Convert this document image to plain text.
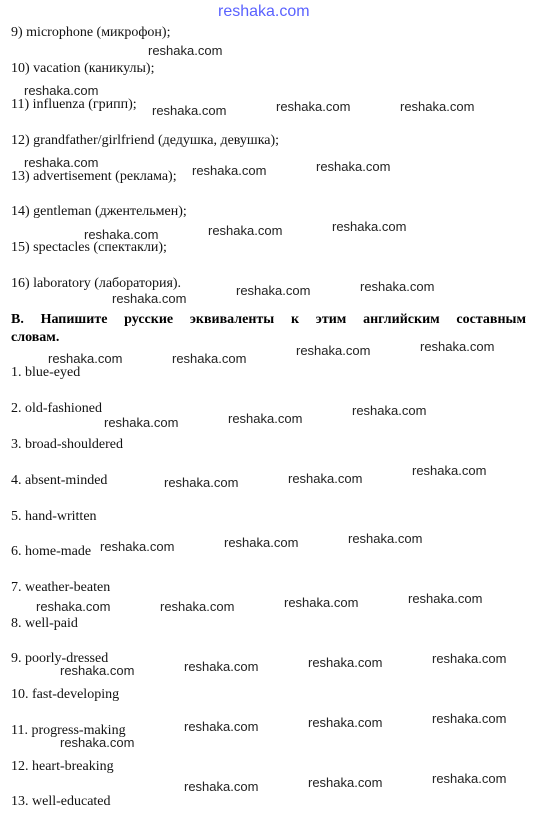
reshaka.com
9) microphone (микрофон);
10) vacation (каникулы);
11) influenza (грипп);
12) grandfather/girlfriend (дедушка, девушка);
13) advertisement (реклама);
14) gentleman (джентельмен);
15) spectacles (спектакли);
16) laboratory (лаборатория).
B. Напишите русские эквиваленты к этим английским составным словам.
1. blue-eyed
2. old-fashioned
3. broad-shouldered
4. absent-minded
5. hand-written
6. home-made
7. weather-beaten
8. well-paid
9. poorly-dressed
10. fast-developing
11. progress-making
12. heart-breaking
13. well-educated
reshaka.com
reshaka.com
reshaka.com	reshaka.com	reshaka.com
reshaka.com
reshaka.com	reshaka.com
reshaka.com	reshaka.com	reshaka.com
reshaka.com
reshaka.com	reshaka.com
reshaka.com	reshaka.com
reshaka.com	reshaka.com
reshaka.com	reshaka.com
reshaka.com
reshaka.com	reshaka.com
reshaka.com
reshaka.com	reshaka.com	reshaka.com
reshaka.com	reshaka.com	reshaka.com	reshaka.com
reshaka.com	reshaka.com	reshaka.com	reshaka.com
reshaka.com	reshaka.com	reshaka.com
reshaka.com
reshaka.com	reshaka.com	reshaka.com
